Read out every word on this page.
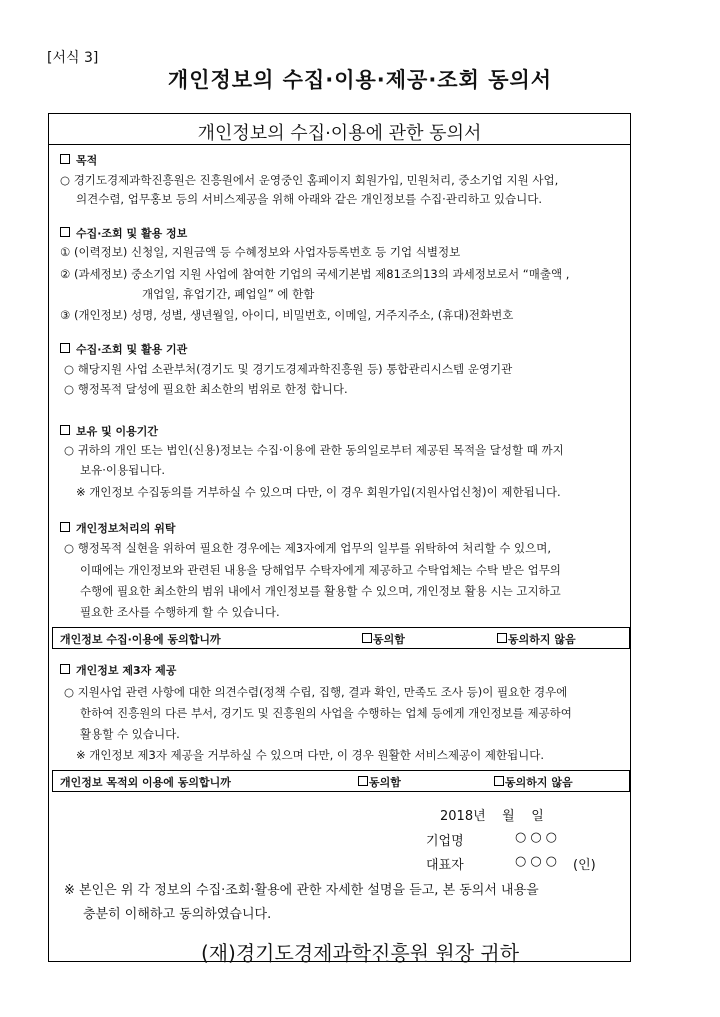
[서식 3]
개인정보의 수집·이용·제공·조회 동의서
개인정보의 수집·이용에 관한 동의서
목적
○ 경기도경제과학진흥원은 진흥원에서 운영중인 홈페이지 회원가입, 민원처리, 중소기업 지원 사업,
의견수렴, 업무홍보 등의 서비스제공을 위해 아래와 같은 개인정보를 수집·관리하고 있습니다.
수집·조회 및 활용 정보
① (이력정보) 신청일, 지원금액 등 수혜정보와 사업자등록번호 등 기업 식별정보
② (과세정보) 중소기업 지원 사업에 참여한 기업의 국세기본법 제81조의13의 과세정보로서 “매출액 ,
개업일, 휴업기간, 폐업일” 에 한함
③ (개인정보) 성명, 성별, 생년월일, 아이디, 비밀번호, 이메일, 거주지주소, (휴대)전화번호
수집·조회 및 활용 기관
○ 해당지원 사업 소관부처(경기도 및 경기도경제과학진흥원 등) 통합관리시스템 운영기관
○ 행정목적 달성에 필요한 최소한의 범위로 한정 합니다.
보유 및 이용기간
○ 귀하의 개인 또는 법인(신용)정보는 수집·이용에 관한 동의일로부터 제공된 목적을 달성할 때 까지
보유·이용됩니다.
※ 개인정보 수집동의를 거부하실 수 있으며 다만, 이 경우 회원가입(지원사업신청)이 제한됩니다.
개인정보처리의 위탁
○ 행정목적 실현을 위하여 필요한 경우에는 제3자에게 업무의 일부를 위탁하여 처리할 수 있으며,
이때에는 개인정보와 관련된 내용을 당해업무 수탁자에게 제공하고 수탁업체는 수탁 받은 업무의
수행에 필요한 최소한의 범위 내에서 개인정보를 활용할 수 있으며, 개인정보 활용 시는 고지하고
필요한 조사를 수행하게 할 수 있습니다.
개인정보 수집·이용에 동의합니까	동의함	동의하지 않음
개인정보 제3자 제공
○ 지원사업 관련 사항에 대한 의견수렴(정책 수립, 집행, 결과 확인, 만족도 조사 등)이 필요한 경우에
한하여 진흥원의 다른 부서, 경기도 및 진흥원의 사업을 수행하는 업체 등에게 개인정보를 제공하여
활용할 수 있습니다.
※ 개인정보 제3자 제공을 거부하실 수 있으며 다만, 이 경우 원활한 서비스제공이 제한됩니다.
개인정보 목적외 이용에 동의합니까	동의함	동의하지 않음
2018년    월    일
기업명	○○○
대표자	○○○ (인)
※ 본인은 위 각 정보의 수집·조회·활용에 관한 자세한 설명을 듣고, 본 동의서 내용을
충분히 이해하고 동의하였습니다.
(재)경기도경제과학진흥원 원장 귀하
